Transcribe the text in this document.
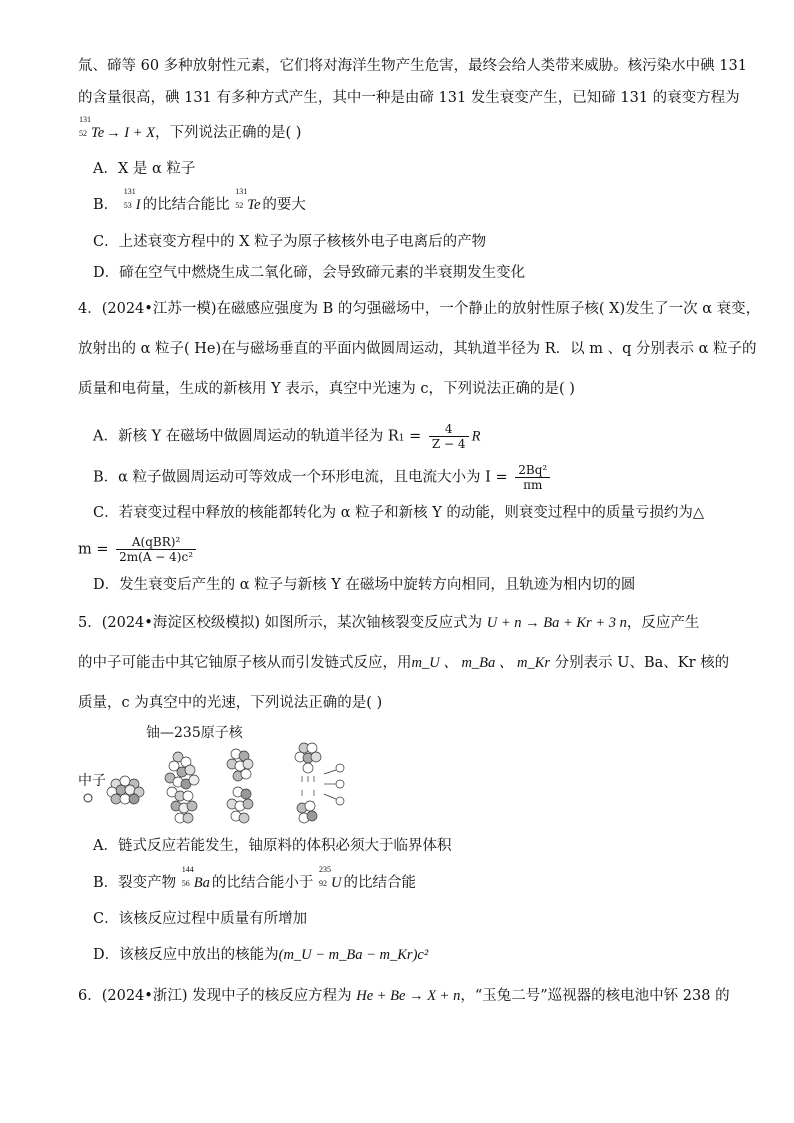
氚、碲等 60 多种放射性元素，它们将对海洋生物产生危害，最终会给人类带来威胁。核污染水中碘 131
的含量很高，碘 131 有多种方式产生，其中一种是由碲 131 发生衰变产生，已知碲 131 的衰变方程为
131
52 Te → I + X，下列说法正确的是( )
A．X 是 α 粒子
B．
131
53 I 的比结合能比
131
52 Te 的要大
C．上述衰变方程中的 X 粒子为原子核核外电子电离后的产物
D．碲在空气中燃烧生成二氧化碲，会导致碲元素的半衰期发生变化
4．(2024•江苏一模)在磁感应强度为 B 的匀强磁场中，一个静止的放射性原子核( X)发生了一次 α 衰变，
放射出的 α 粒子( He)在与磁场垂直的平面内做圆周运动，其轨道半径为 R．以 m 、q 分别表示 α 粒子的
质量和电荷量，生成的新核用 Y 表示，真空中光速为 c，下列说法正确的是( )
A．新核 Y 在磁场中做圆周运动的轨道半径为 $R1 = \frac{4}{Z - 4}$ R
B．α 粒子做圆周运动可等效成一个环形电流，且电流大小为 $I = \frac{\text{2Bq²}}{\pi m}$
C．若衰变过程中释放的核能都转化为 α 粒子和新核 Y 的动能，则衰变过程中的质量亏损约为△
$m = \frac{\text{A(qBR)²}}{\text{2m(A − 4)c²}}$
D．发生衰变后产生的 α 粒子与新核 Y 在磁场中旋转方向相同，且轨迹为相内切的圆
5．(2024•海淀区校级模拟) 如图所示，某次铀核裂变反应式为 U + n → Ba + Kr + 3 n，反应产生
的中子可能击中其它铀原子核从而引发链式反应，用m_U 、 m_Ba 、 m_Kr 分别表示 U、Ba、Kr 核的
质量，c 为真空中的光速，下列说法正确的是( )
铀—235原子核
中子
A．链式反应若能发生，铀原料的体积必须大于临界体积
B．裂变产物
144
56 Ba 的比结合能小于
235
92 U 的比结合能
C．该核反应过程中质量有所增加
D．该核反应中放出的核能为(m_U − m_Ba − m_Kr)c²
6．(2024•浙江) 发现中子的核反应方程为 He + Be → X + n，“玉兔二号”巡视器的核电池中钚 238 的
